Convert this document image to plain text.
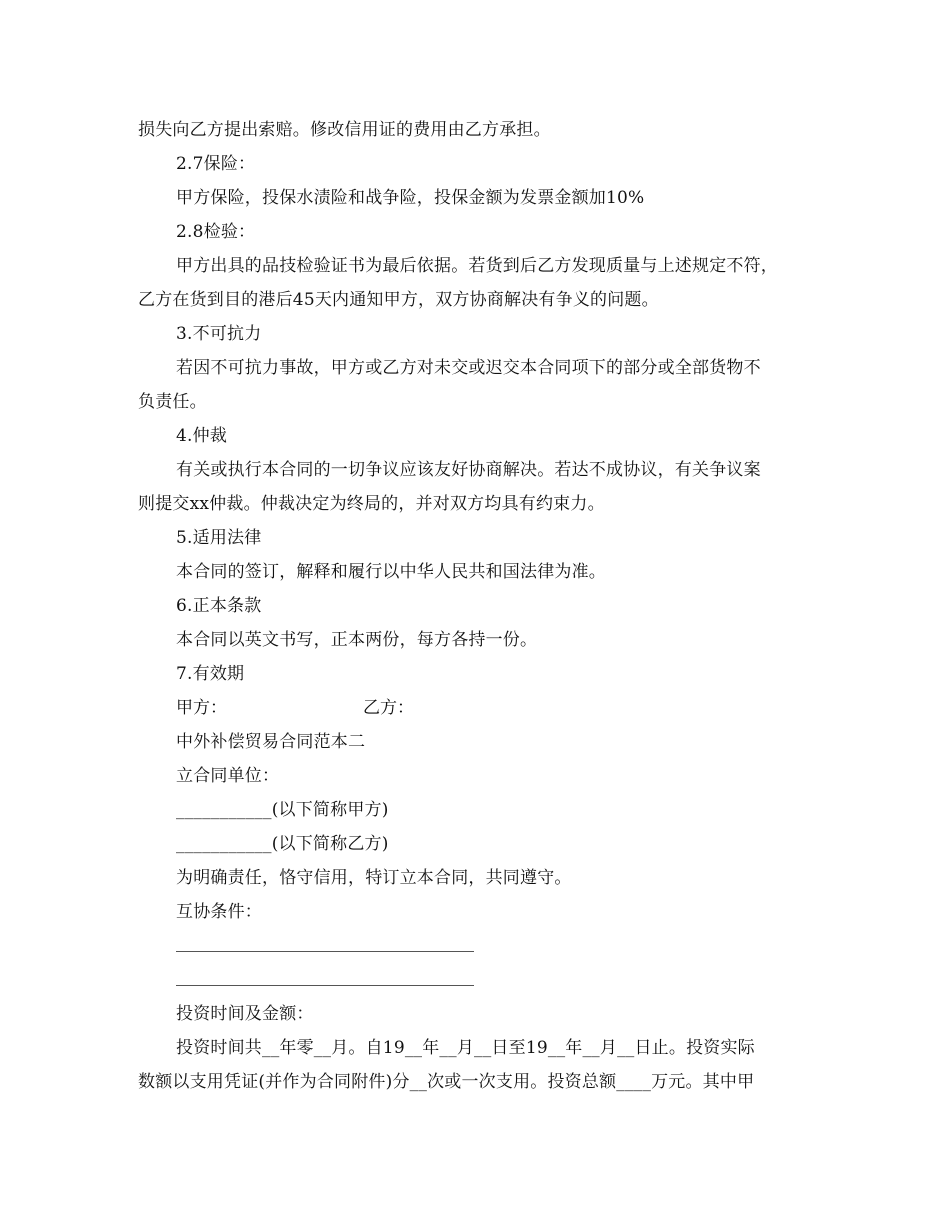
损失向乙方提出索赔。修改信用证的费用由乙方承担。
2.7保险：
甲方保险，投保水渍险和战争险，投保金额为发票金额加10%
2.8检验：
甲方出具的品技检验证书为最后依据。若货到后乙方发现质量与上述规定不符，
乙方在货到目的港后45天内通知甲方，双方协商解决有争义的问题。
3.不可抗力
若因不可抗力事故，甲方或乙方对未交或迟交本合同项下的部分或全部货物不
负责任。
4.仲裁
有关或执行本合同的一切争议应该友好协商解决。若达不成协议，有关争议案
则提交xx仲裁。仲裁决定为终局的，并对双方均具有约束力。
5.适用法律
本合同的签订，解释和履行以中华人民共和国法律为准。
6.正本条款
本合同以英文书写，正本两份，每方各持一份。
7.有效期
甲方：	乙方：
中外补偿贸易合同范本二
立合同单位：
___________(以下简称甲方)
___________(以下简称乙方)
为明确责任，恪守信用，特订立本合同，共同遵守。
互协条件：
投资时间及金额：
投资时间共__年零__月。自19__年__月__日至19__年__月__日止。投资实际
数额以支用凭证(并作为合同附件)分__次或一次支用。投资总额____万元。其中甲
